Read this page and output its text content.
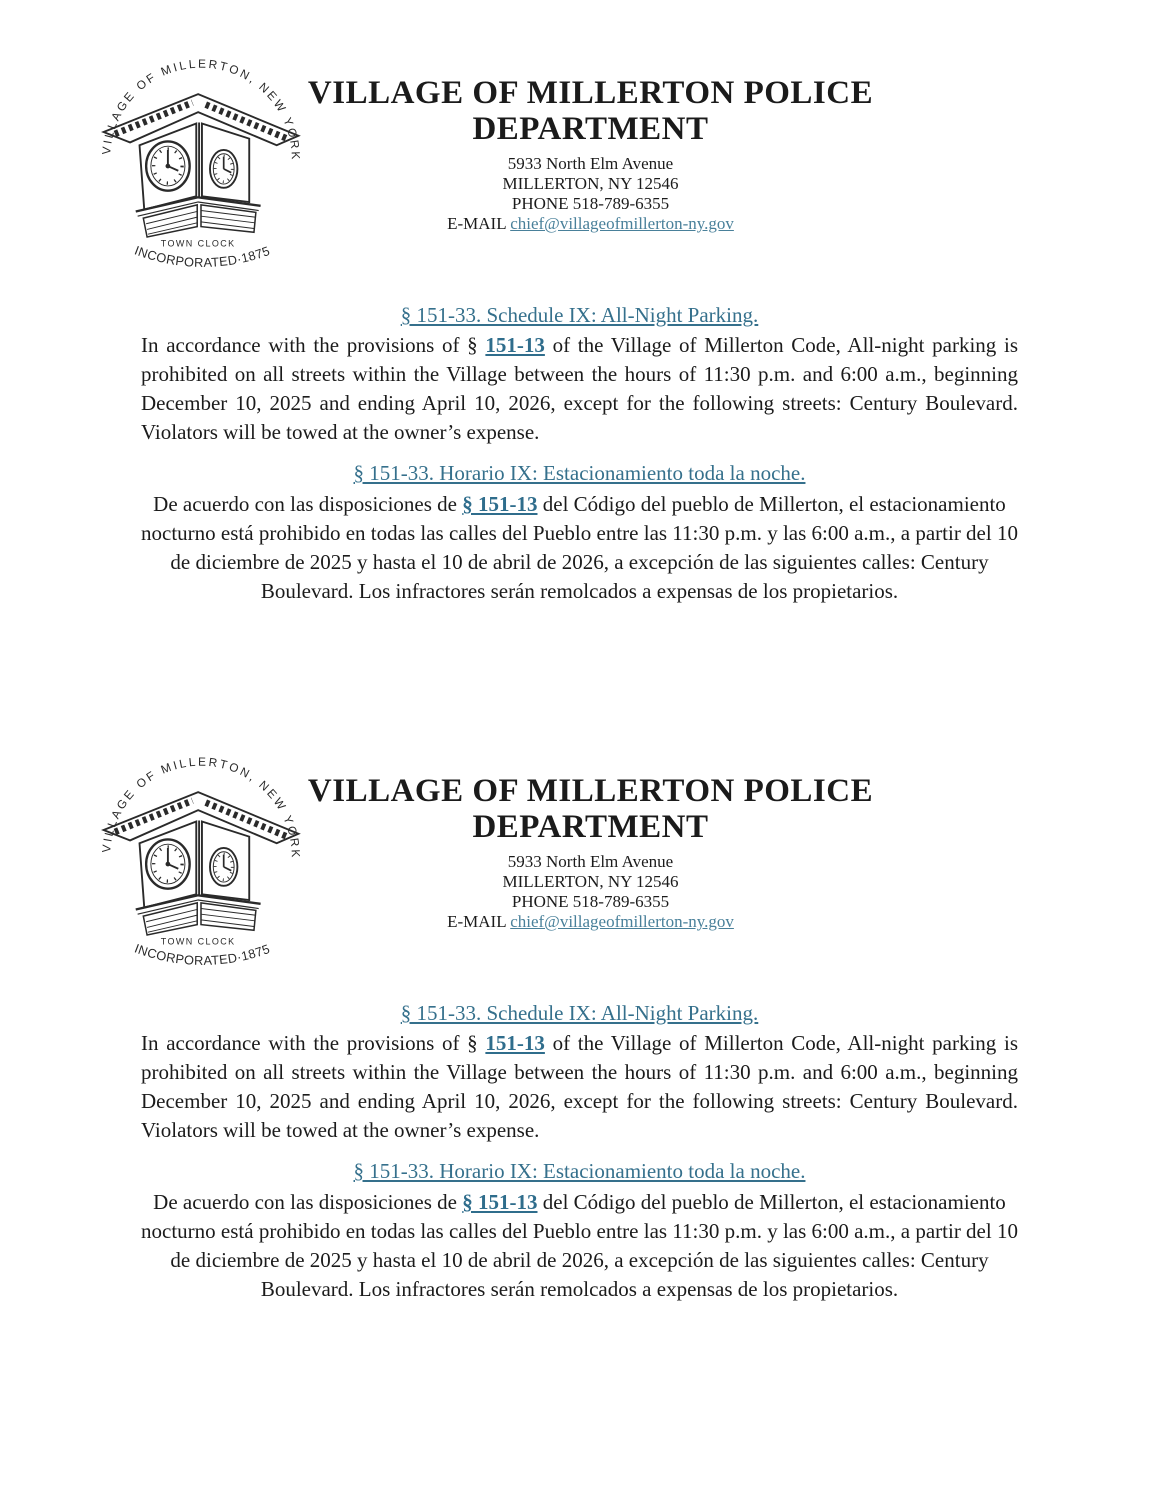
VILLAGE OF MILLERTON POLICE
DEPARTMENT
5933 North Elm Avenue
MILLERTON, NY 12546
PHONE 518-789-6355
E-MAIL chief@villageofmillerton-ny.gov
§ 151-33. Schedule IX: All-Night Parking.

In accordance with the provisions of § 151-13 of the Village of Millerton Code, All-night parking is prohibited on all streets within the Village between the hours of 11:30 p.m. and 6:00 a.m., beginning December 10, 2025 and ending April 10, 2026, except for the following streets: Century Boulevard. Violators will be towed at the owner’s expense.

§ 151-33. Horario IX: Estacionamiento toda la noche.

De acuerdo con las disposiciones de § 151-13 del Código del pueblo de Millerton, el estacionamiento nocturno está prohibido en todas las calles del Pueblo entre las 11:30 p.m. y las 6:00 a.m., a partir del 10 de diciembre de 2025 y hasta el 10 de abril de 2026, a excepción de las siguientes calles: Century Boulevard. Los infractores serán remolcados a expensas de los propietarios.

VILLAGE OF MILLERTON POLICE
DEPARTMENT
5933 North Elm Avenue
MILLERTON, NY 12546
PHONE 518-789-6355
E-MAIL chief@villageofmillerton-ny.gov
§ 151-33. Schedule IX: All-Night Parking.

In accordance with the provisions of § 151-13 of the Village of Millerton Code, All-night parking is prohibited on all streets within the Village between the hours of 11:30 p.m. and 6:00 a.m., beginning December 10, 2025 and ending April 10, 2026, except for the following streets: Century Boulevard. Violators will be towed at the owner’s expense.

§ 151-33. Horario IX: Estacionamiento toda la noche.

De acuerdo con las disposiciones de § 151-13 del Código del pueblo de Millerton, el estacionamiento nocturno está prohibido en todas las calles del Pueblo entre las 11:30 p.m. y las 6:00 a.m., a partir del 10 de diciembre de 2025 y hasta el 10 de abril de 2026, a excepción de las siguientes calles: Century Boulevard. Los infractores serán remolcados a expensas de los propietarios.
